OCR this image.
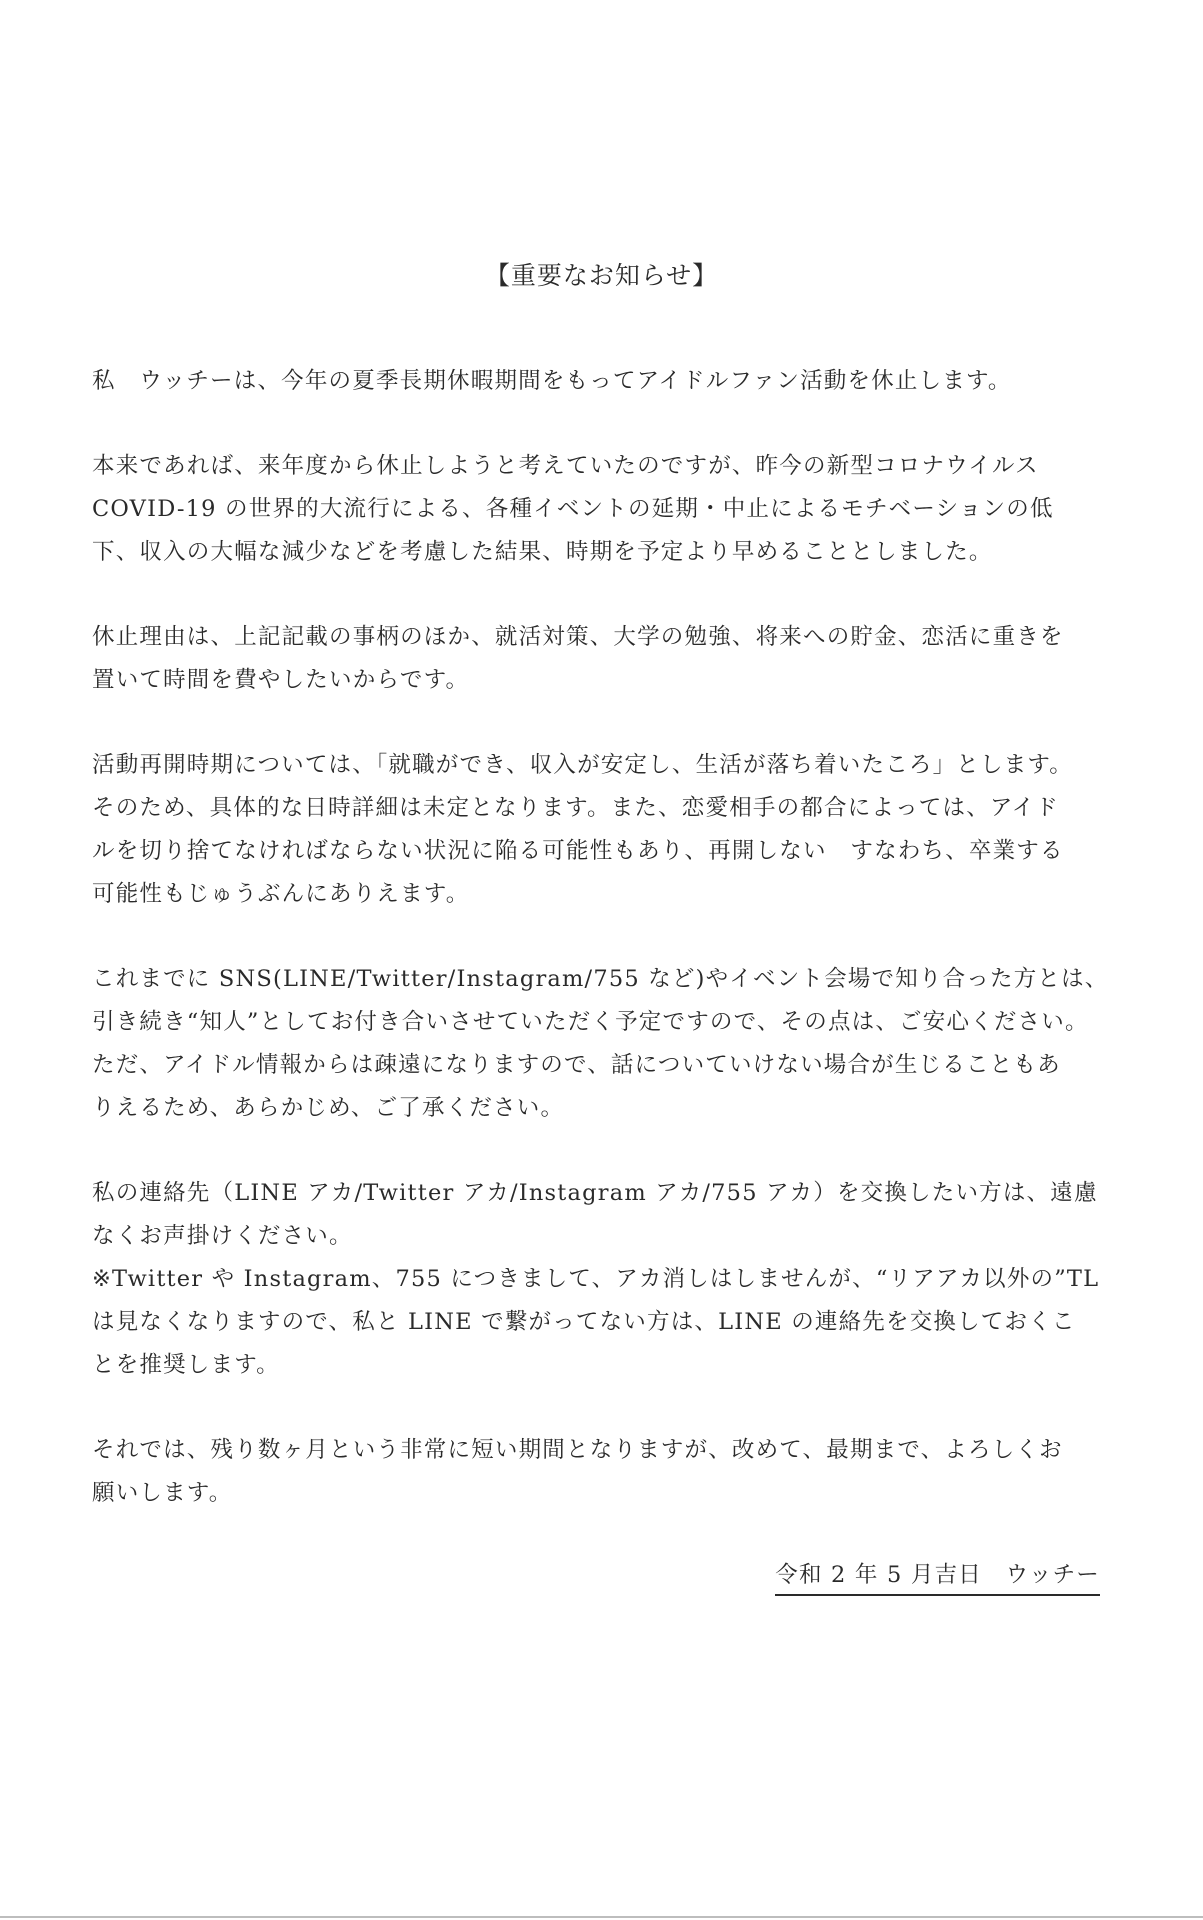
【重要なお知らせ】
私　ウッチーは、今年の夏季長期休暇期間をもってアイドルファン活動を休止します。
本来であれば、来年度から休止しようと考えていたのですが、昨今の新型コロナウイルス
COVID-19 の世界的大流行による、各種イベントの延期・中止によるモチベーションの低
下、収入の大幅な減少などを考慮した結果、時期を予定より早めることとしました。
休止理由は、上記記載の事柄のほか、就活対策、大学の勉強、将来への貯金、恋活に重きを
置いて時間を費やしたいからです。
活動再開時期については、「就職ができ、収入が安定し、生活が落ち着いたころ」とします。
そのため、具体的な日時詳細は未定となります。また、恋愛相手の都合によっては、アイド
ルを切り捨てなければならない状況に陥る可能性もあり、再開しない　すなわち、卒業する
可能性もじゅうぶんにありえます。
これまでに SNS(LINE/Twitter/Instagram/755 など)やイベント会場で知り合った方とは、
引き続き“知人”としてお付き合いさせていただく予定ですので、その点は、ご安心ください。
ただ、アイドル情報からは疎遠になりますので、話についていけない場合が生じることもあ
りえるため、あらかじめ、ご了承ください。
私の連絡先（LINE アカ/Twitter アカ/Instagram アカ/755 アカ）を交換したい方は、遠慮
なくお声掛けください。
※Twitter や Instagram、755 につきまして、アカ消しはしませんが、“リアアカ以外の”TL
は見なくなりますので、私と LINE で繋がってない方は、LINE の連絡先を交換しておくこ
とを推奨します。
それでは、残り数ヶ月という非常に短い期間となりますが、改めて、最期まで、よろしくお
願いします。
令和 2 年 5 月吉日　ウッチー
